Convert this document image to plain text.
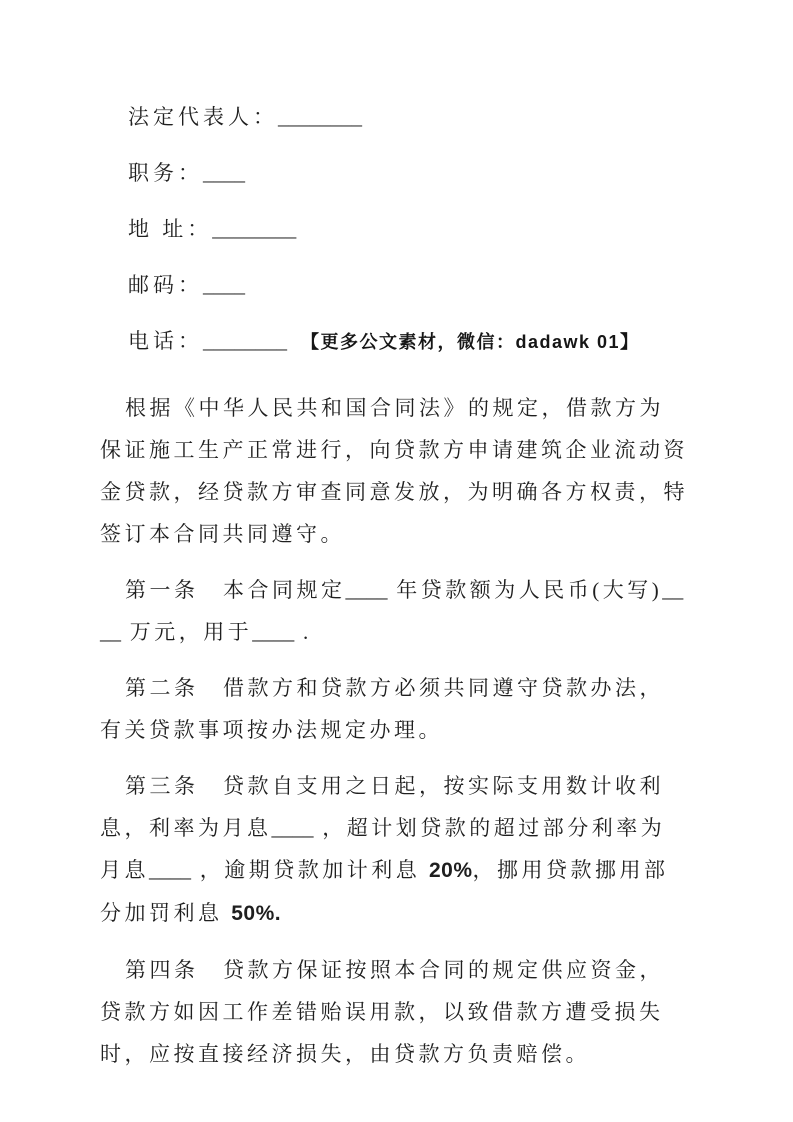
法定代表人：________
职务：____
地 址：________
邮码：____
电话：________ 【更多公文素材，微信：dadawk 01】

根据《中华人民共和国合同法》的规定，借款方为保证施工生产正常进行，向贷款方申请建筑企业流动资金贷款，经贷款方审查同意发放，为明确各方权责，特签订本合同共同遵守。

第一条　本合同规定____ 年贷款额为人民币(大写)____ 万元，用于____ .

第二条　借款方和贷款方必须共同遵守贷款办法，有关贷款事项按办法规定办理。

第三条　贷款自支用之日起，按实际支用数计收利息，利率为月息____ ，超计划贷款的超过部分利率为月息____ ，逾期贷款加计利息 20%，挪用贷款挪用部分加罚利息 50%.

第四条　贷款方保证按照本合同的规定供应资金，贷款方如因工作差错贻误用款，以致借款方遭受损失时，应按直接经济损失，由贷款方负责赔偿。
